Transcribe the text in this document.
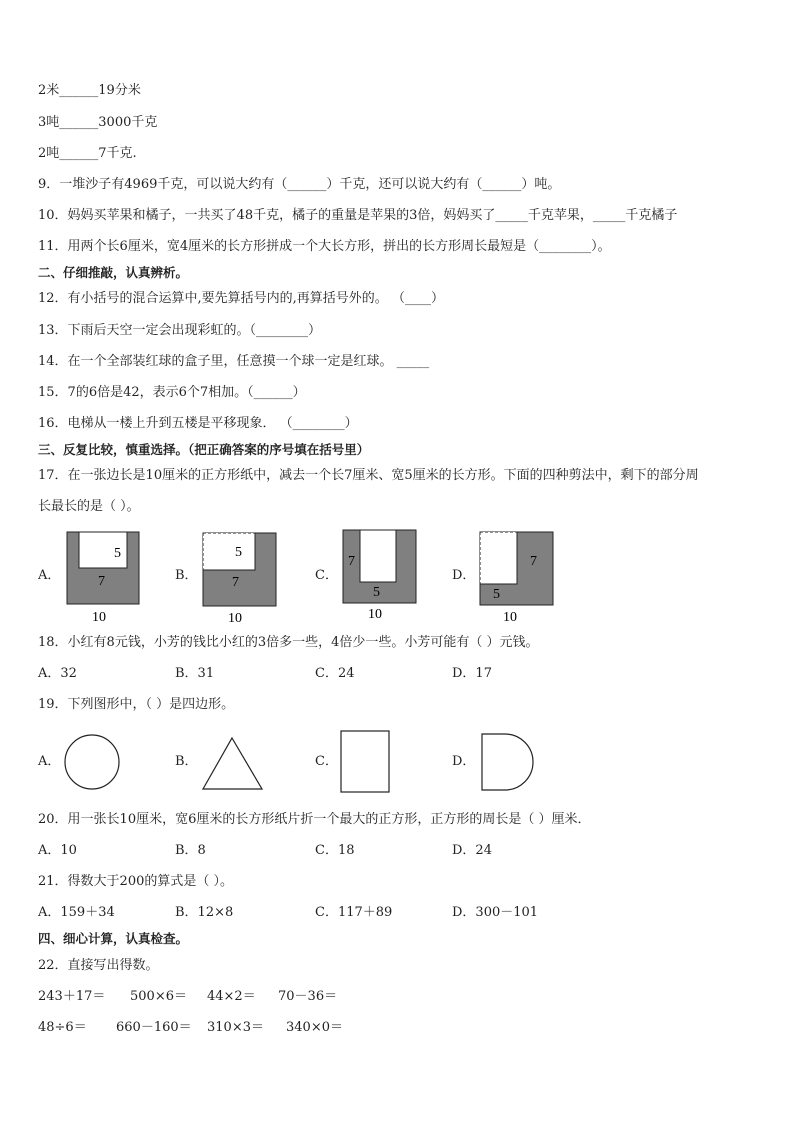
2米______19分米
3吨______3000千克
2吨______7千克.
9．一堆沙子有4969千克，可以说大约有（______）千克，还可以说大约有（______）吨。
10．妈妈买苹果和橘子，一共买了48千克，橘子的重量是苹果的3倍，妈妈买了_____千克苹果，_____千克橘子
11．用两个长6厘米，宽4厘米的长方形拼成一个大长方形，拼出的长方形周长最短是（________）。
二、仔细推敲，认真辨析。
12．有小括号的混合运算中,要先算括号内的,再算括号外的。 （____）
13．下雨后天空一定会出现彩虹的。（________）
14．在一个全部装红球的盒子里，任意摸一个球一定是红球。 _____
15．7的6倍是42，表示6个7相加。（______）
16．电梯从一楼上升到五楼是平移现象． （________）
三、反复比较，慎重选择。（把正确答案的序号填在括号里）
17．在一张边长是10厘米的正方形纸中，减去一个长7厘米、宽5厘米的长方形。下面的四种剪法中，剩下的部分周
长最长的是（ ）。
A．
5
7
10
B．
5
7
10
C．
7
5
10
D．
7
5
10
18．小红有8元钱，小芳的钱比小红的3倍多一些，4倍少一些。小芳可能有（ ）元钱。
A．32	B．31	C．24	D．17
19．下列图形中，（ ）是四边形。
A．	B．	C．	D．
20．用一张长10厘米，宽6厘米的长方形纸片折一个最大的正方形，正方形的周长是（ ）厘米．
A．10	B．8	C．18	D．24
21．得数大于200的算式是（ ）。
A．159＋34	B．12×8	C．117＋89	D．300－101
四、细心计算，认真检查。
22．直接写出得数。
243＋17＝ 500×6＝ 44×2＝ 70－36＝
48÷6＝ 660－160＝ 310×3＝ 340×0＝
